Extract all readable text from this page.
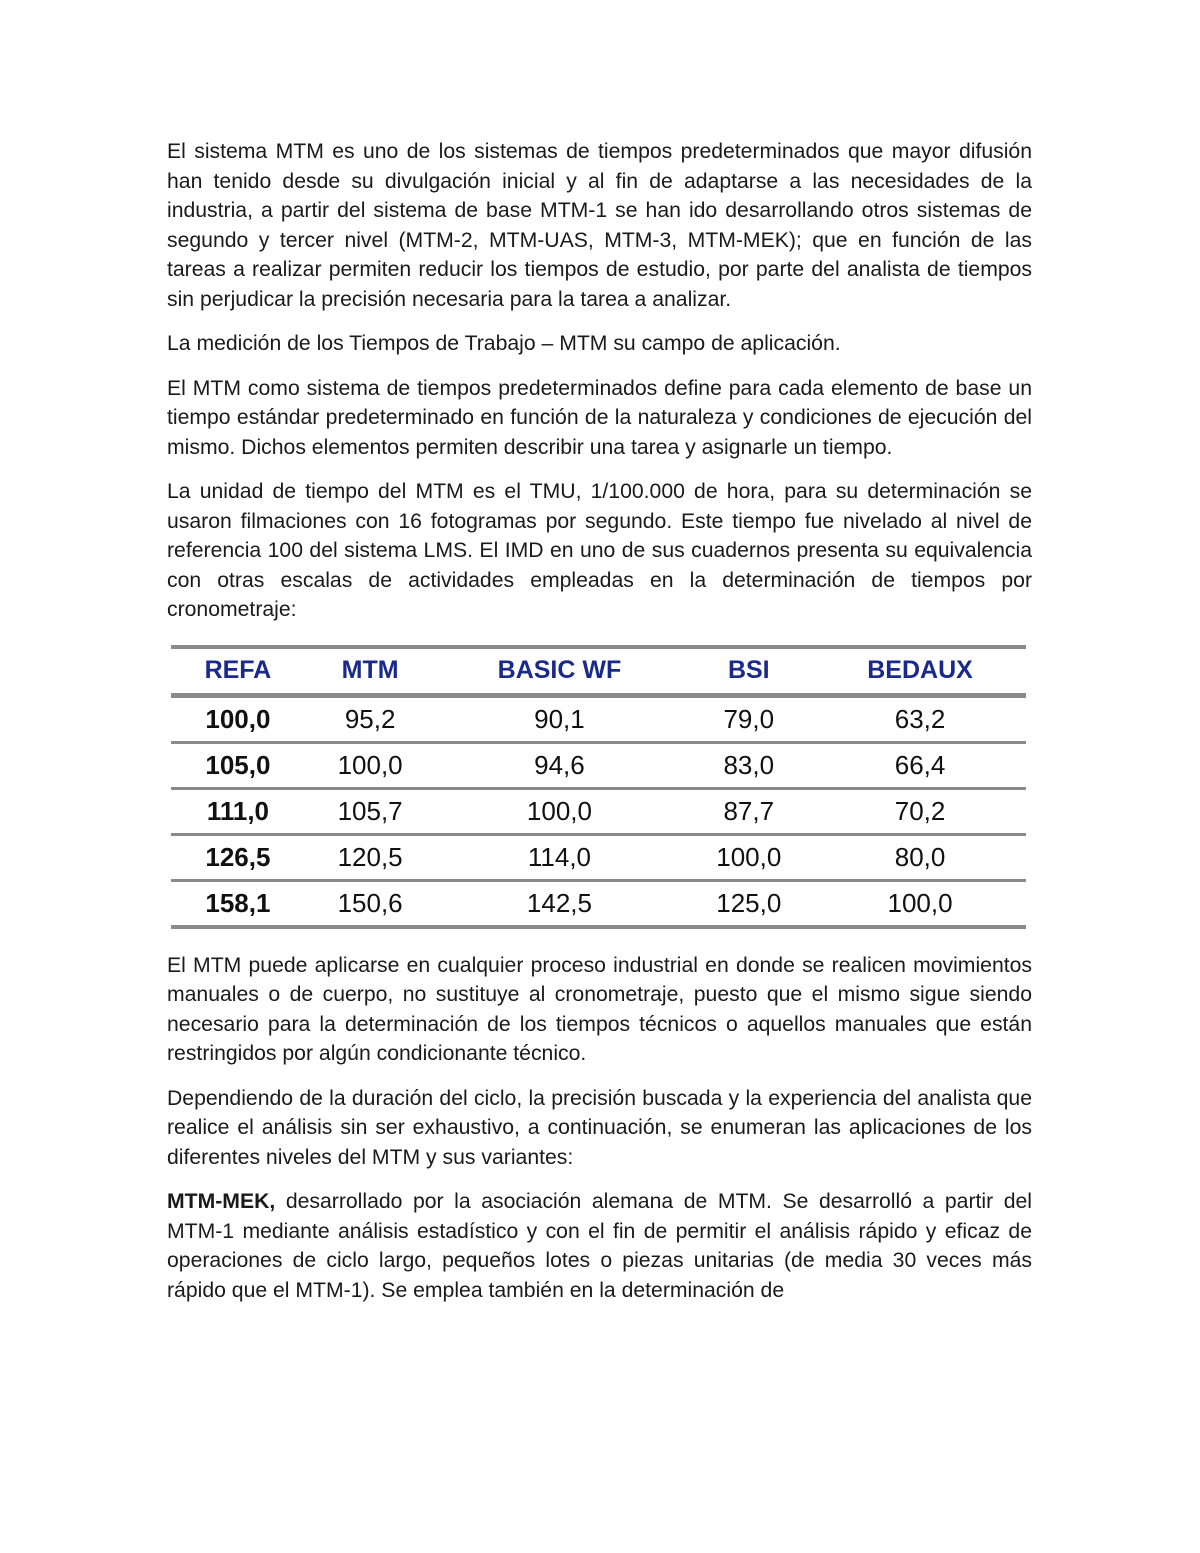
El sistema MTM es uno de los sistemas de tiempos predeterminados que mayor difusión han tenido desde su divulgación inicial y al fin de adaptarse a las necesidades de la industria, a partir del sistema de base MTM-1 se han ido desarrollando otros sistemas de segundo y tercer nivel (MTM-2, MTM-UAS, MTM-3, MTM-MEK); que en función de las tareas a realizar permiten reducir los tiempos de estudio, por parte del analista de tiempos sin perjudicar la precisión necesaria para la tarea a analizar.

La medición de los Tiempos de Trabajo – MTM su campo de aplicación.

El MTM como sistema de tiempos predeterminados define para cada elemento de base un tiempo estándar predeterminado en función de la naturaleza y condiciones de ejecución del mismo. Dichos elementos permiten describir una tarea y asignarle un tiempo.

La unidad de tiempo del MTM es el TMU, 1/100.000 de hora, para su determinación se usaron filmaciones con 16 fotogramas por segundo. Este tiempo fue nivelado al nivel de referencia 100 del sistema LMS. El IMD en uno de sus cuadernos presenta su equivalencia con otras escalas de actividades empleadas en la determinación de tiempos por cronometraje:

REFA	MTM	BASIC WF	BSI	BEDAUX
100,0	95,2	90,1	79,0	63,2
105,0	100,0	94,6	83,0	66,4
111,0	105,7	100,0	87,7	70,2
126,5	120,5	114,0	100,0	80,0
158,1	150,6	142,5	125,0	100,0

El MTM puede aplicarse en cualquier proceso industrial en donde se realicen movimientos manuales o de cuerpo, no sustituye al cronometraje, puesto que el mismo sigue siendo necesario para la determinación de los tiempos técnicos o aquellos manuales que están restringidos por algún condicionante técnico.

Dependiendo de la duración del ciclo, la precisión buscada y la experiencia del analista que realice el análisis sin ser exhaustivo, a continuación, se enumeran las aplicaciones de los diferentes niveles del MTM y sus variantes:

MTM-MEK, desarrollado por la asociación alemana de MTM. Se desarrolló a partir del MTM-1 mediante análisis estadístico y con el fin de permitir el análisis rápido y eficaz de operaciones de ciclo largo, pequeños lotes o piezas unitarias (de media 30 veces más rápido que el MTM-1). Se emplea también en la determinación de
